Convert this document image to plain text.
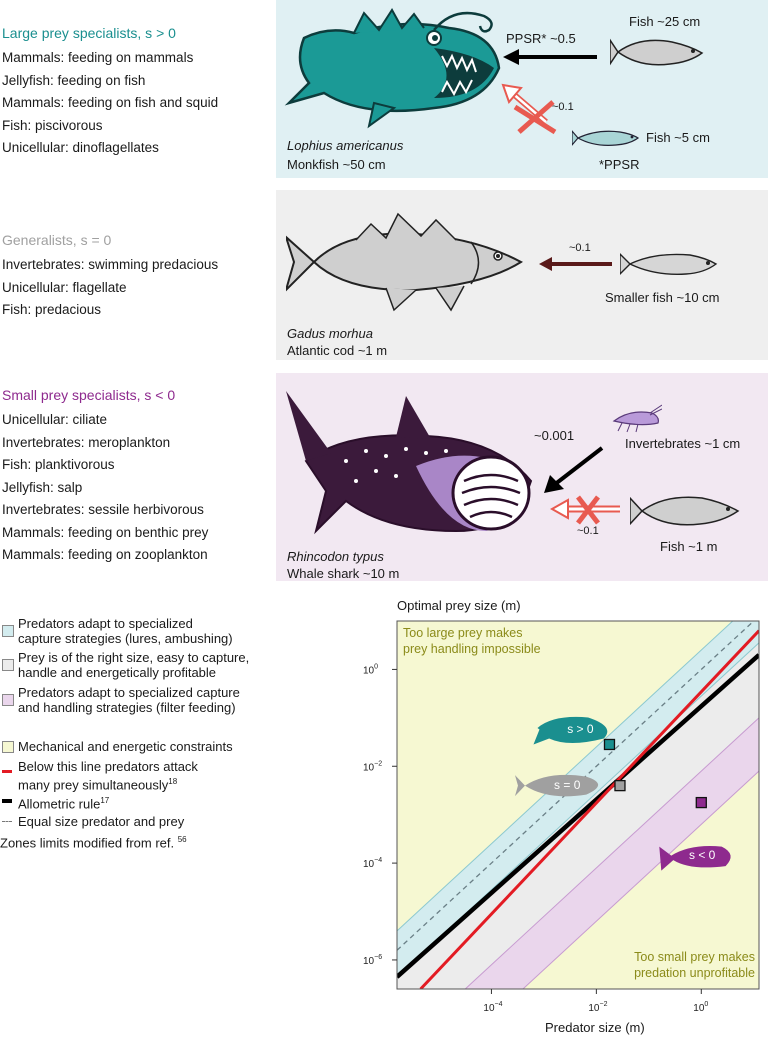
Large prey specialists, s > 0
Mammals: feeding on mammals
Jellyfish: feeding on fish
Mammals: feeding on fish and squid
Fish: piscivorous
Unicellular: dinoflagellates
Generalists, s = 0
Invertebrates: swimming predacious
Unicellular: flagellate
Fish: predacious
Small prey specialists, s < 0
Unicellular: ciliate
Invertebrates: meroplankton
Fish: planktivorous
Jellyfish: salp
Invertebrates: sessile herbivorous
Mammals: feeding on benthic prey
Mammals: feeding on zooplankton
Lophius americanus
Monkfish ~50 cm
PPSR* ~0.5
Fish ~25 cm
~0.1
Fish ~5 cm
*PPSR
Gadus morhua
Atlantic cod ~1 m
~0.1
Smaller fish ~10 cm
Rhincodon typus
Whale shark ~10 m
~0.001
Invertebrates ~1 cm
~0.1
Fish ~1 m
Predators adapt to specialized
capture strategies (lures, ambushing)
Prey is of the right size, easy to capture,
handle and energetically profitable
Predators adapt to specialized capture
and handling strategies (filter feeding)
Mechanical and energetic constraints
Below this line predators attack
many prey simultaneously$^{18}$
Allometric rule$^{17}$
Equal size predator and prey
Zones limits modified from ref. $^{56}$
Optimal prey size (m)
Predator size (m)
s > 0
s = 0
s < 0
$10^{-4}$	$10^{-2}$	$10^0$
$10^0$
$10^{-2}$
$10^{-4}$
$10^{-6}$
Too large prey makes
prey handling impossible
Too small prey makes
predation unprofitable
